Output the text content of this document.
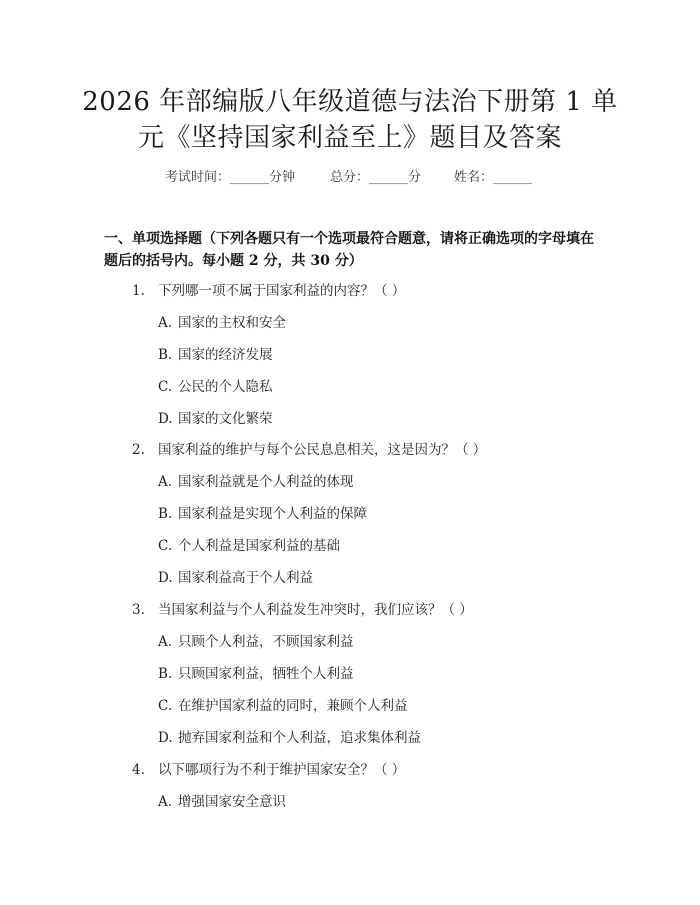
2026 年部编版八年级道德与法治下册第 1 单
元《坚持国家利益至上》题目及答案
考试时间：______分钟	总分：______分	姓名：______
一、单项选择题（下列各题只有一个选项最符合题意，请将正确选项的字母填在
题后的括号内。每小题 2 分，共 30 分）
1. 下列哪一项不属于国家利益的内容？（ ）
A. 国家的主权和安全
B. 国家的经济发展
C. 公民的个人隐私
D. 国家的文化繁荣
2. 国家利益的维护与每个公民息息相关，这是因为？（ ）
A. 国家利益就是个人利益的体现
B. 国家利益是实现个人利益的保障
C. 个人利益是国家利益的基础
D. 国家利益高于个人利益
3. 当国家利益与个人利益发生冲突时，我们应该？（ ）
A. 只顾个人利益，不顾国家利益
B. 只顾国家利益，牺牲个人利益
C. 在维护国家利益的同时，兼顾个人利益
D. 抛弃国家利益和个人利益，追求集体利益
4. 以下哪项行为不利于维护国家安全？（ ）
A. 增强国家安全意识
